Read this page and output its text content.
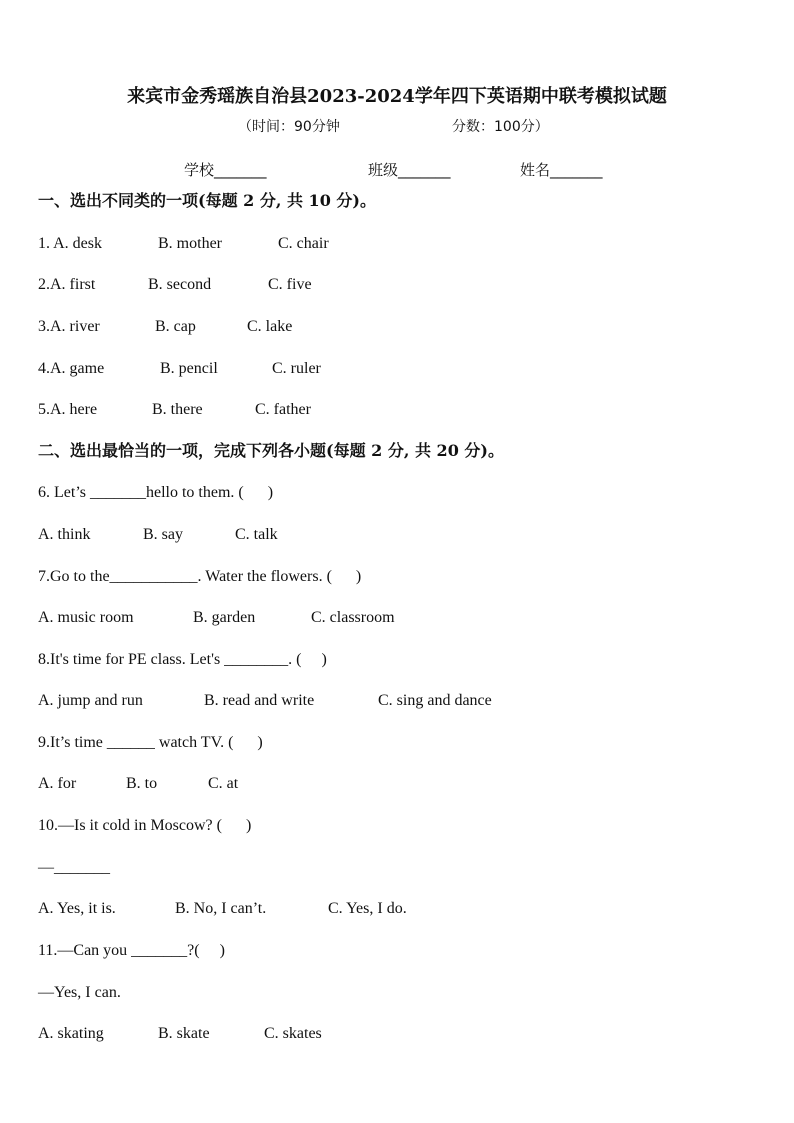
来宾市金秀瑶族自治县2023-2024学年四下英语期中联考模拟试题
（时间：90分钟	分数：100分）
学校_______	班级_______	姓名_______
一、选出不同类的一项(每题 2 分, 共 10 分)。
1. A. desk	B. mother	C. chair
2.A. first	B. second	C. five
3.A. river	B. cap	C. lake
4.A. game	B. pencil	C. ruler
5.A. here	B. there	C. father
二、选出最恰当的一项，完成下列各小题(每题 2 分, 共 20 分)。
6. Let’s _______hello to them. (      )
A. think	B. say	C. talk
7.Go to the___________. Water the flowers. (      )
A. music room	B. garden	C. classroom
8.It's time for PE class. Let's ________. (     )
A. jump and run	B. read and write	C. sing and dance
9.It’s time ______ watch TV. (      )
A. for	B. to	C. at
10.—Is it cold in Moscow? (      )
—_______
A. Yes, it is.	B. No, I can’t.	C. Yes, I do.
11.—Can you _______?(     )
—Yes, I can.
A. skating	B. skate	C. skates
